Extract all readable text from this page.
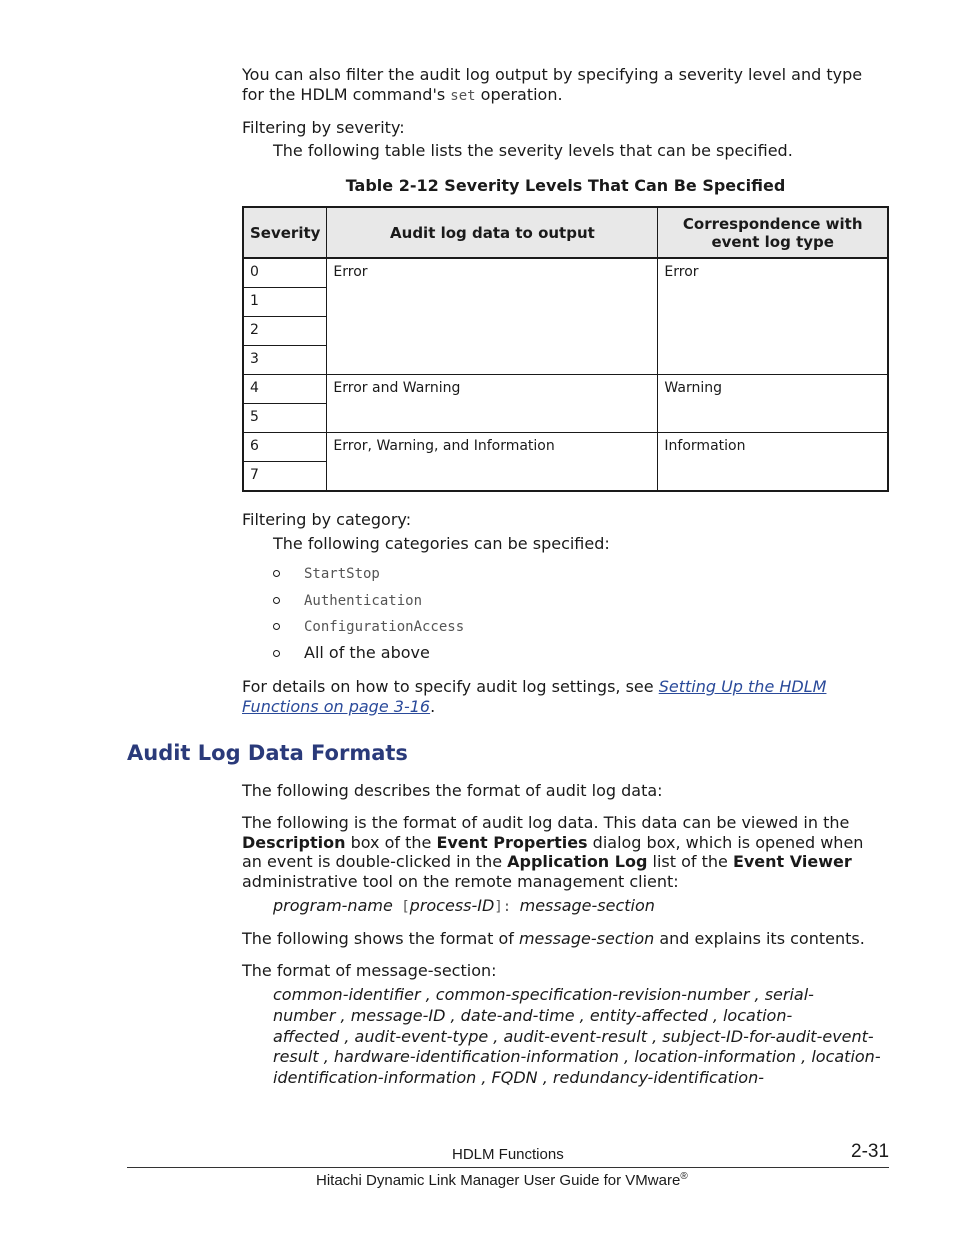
You can also filter the audit log output by specifying a severity level and type
for the HDLM command's set operation.
Filtering by severity:
The following table lists the severity levels that can be specified.
Table 2-12 Severity Levels That Can Be Specified
Severity	Audit log data to output	Correspondence with event log type
0	Error	Error
1		
2		
3		
4	Error and Warning	Warning
5		
6	Error, Warning, and Information	Information
7		
Filtering by category:
The following categories can be specified:
StartStop
Authentication
ConfigurationAccess
All of the above
For details on how to specify audit log settings, see Setting Up the HDLM
Functions on page 3-16.
Audit Log Data Formats
The following describes the format of audit log data:
The following is the format of audit log data. This data can be viewed in the
Description box of the Event Properties dialog box, which is opened when
an event is double-clicked in the Application Log list of the Event Viewer
administrative tool on the remote management client:
program-name [process-ID]: message-section
The following shows the format of message-section and explains its contents.
The format of message-section:
common-identifier , common-specification-revision-number , serial-
number , message-ID , date-and-time , entity-affected , location-
affected , audit-event-type , audit-event-result , subject-ID-for-audit-event-
result , hardware-identification-information , location-information , location-
identification-information , FQDN , redundancy-identification-
HDLM Functions	2-31
Hitachi Dynamic Link Manager User Guide for VMware®
